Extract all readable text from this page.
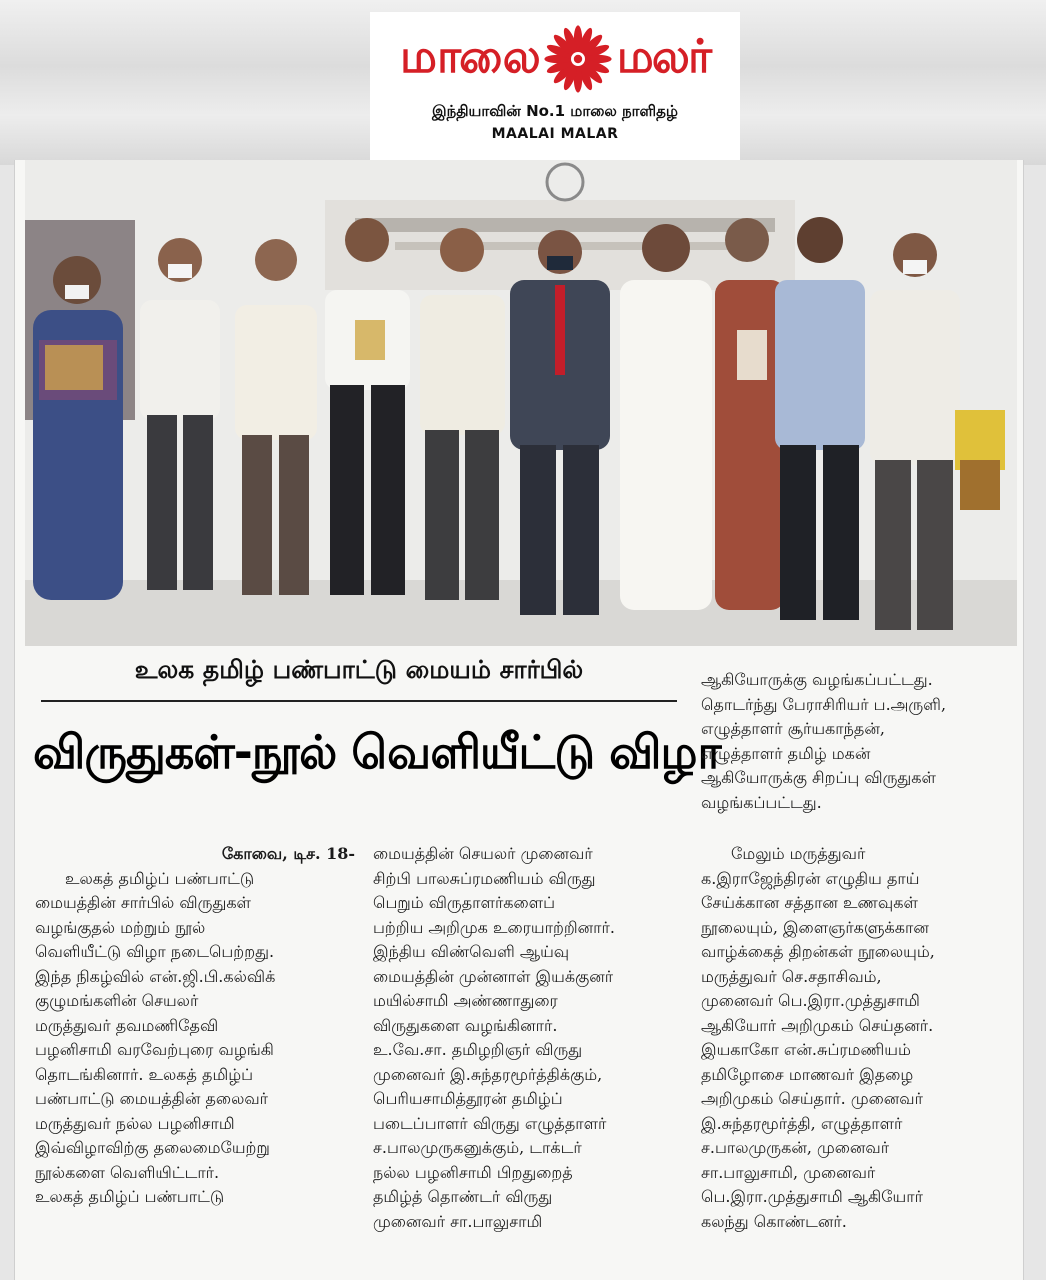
மாலை மலர்
இந்தியாவின் No.1 மாலை நாளிதழ்
MAALAI MALAR
உலக தமிழ் பண்பாட்டு மையம் சார்பில்
விருதுகள்-நூல் வெளியீட்டு விழா
ஆகியோருக்கு வழங்கப்பட்டது.
தொடர்ந்து பேராசிரியர் ப.அருளி,
எழுத்தாளர் சூர்யகாந்தன்,
எழுத்தாளர் தமிழ் மகன்
ஆகியோருக்கு சிறப்பு விருதுகள்
வழங்கப்பட்டது.
கோவை, டிச. 18-
உலகத் தமிழ்ப் பண்பாட்டு
மையத்தின் சார்பில் விருதுகள்
வழங்குதல் மற்றும் நூல்
வெளியீட்டு விழா நடைபெற்றது.
இந்த நிகழ்வில் என்.ஜி.பி.கல்விக்
குழுமங்களின் செயலர்
மருத்துவர் தவமணிதேவி
பழனிசாமி வரவேற்புரை வழங்கி
தொடங்கினார். உலகத் தமிழ்ப்
பண்பாட்டு மையத்தின் தலைவர்
மருத்துவர் நல்ல பழனிசாமி
இவ்விழாவிற்கு தலைமையேற்று
நூல்களை வெளியிட்டார்.
உலகத் தமிழ்ப் பண்பாட்டு
மையத்தின் செயலர் முனைவர்
சிற்பி பாலசுப்ரமணியம் விருது
பெறும் விருதாளர்களைப்
பற்றிய அறிமுக உரையாற்றினார்.
இந்திய விண்வெளி ஆய்வு
மையத்தின் முன்னாள் இயக்குனர்
மயில்சாமி அண்ணாதுரை
விருதுகளை வழங்கினார்.
உ.வே.சா. தமிழறிஞர் விருது
முனைவர் இ.சுந்தரமூர்த்திக்கும்,
பெரியசாமித்தூரன் தமிழ்ப்
படைப்பாளர் விருது எழுத்தாளர்
ச.பாலமுருகனுக்கும், டாக்டர்
நல்ல பழனிசாமி பிறதுறைத்
தமிழ்த் தொண்டர் விருது
முனைவர் சா.பாலுசாமி
மேலும் மருத்துவர்
க.இராஜேந்திரன் எழுதிய தாய்
சேய்க்கான சத்தான உணவுகள்
நூலையும், இளைஞர்களுக்கான
வாழ்க்கைத் திறன்கள் நூலையும்,
மருத்துவர் செ.சதாசிவம்,
முனைவர் பெ.இரா.முத்துசாமி
ஆகியோர் அறிமுகம் செய்தனர்.
இயகாகோ என்.சுப்ரமணியம்
தமிழோசை மாணவர் இதழை
அறிமுகம் செய்தார். முனைவர்
இ.சுந்தரமூர்த்தி, எழுத்தாளர்
ச.பாலமுருகன், முனைவர்
சா.பாலுசாமி, முனைவர்
பெ.இரா.முத்துசாமி ஆகியோர்
கலந்து கொண்டனர்.
